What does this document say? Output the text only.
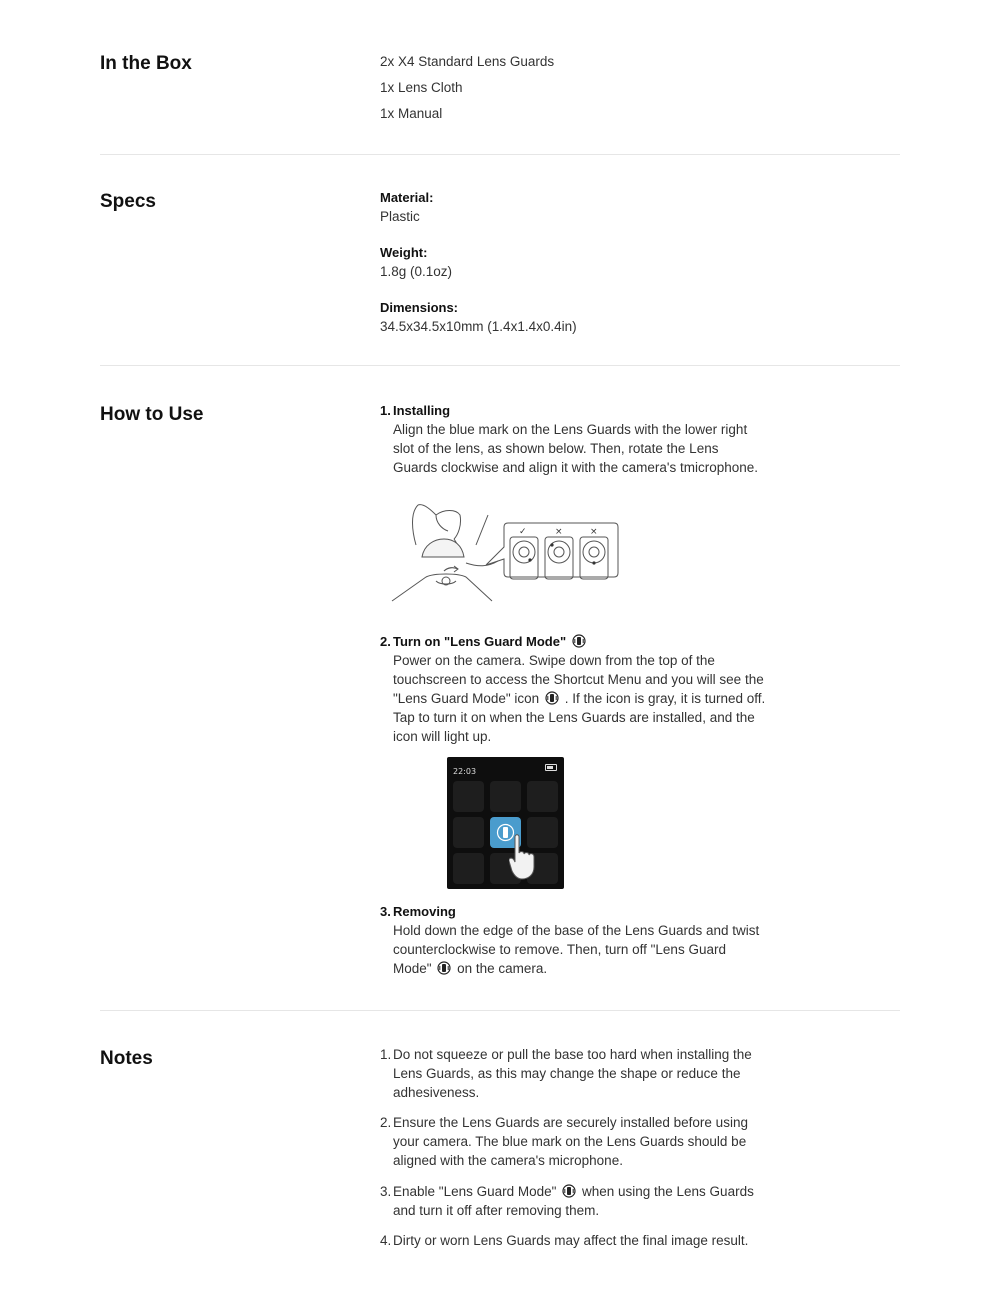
In the Box	2x X4 Standard Lens Guards
1x Lens Cloth
1x Manual
Specs	Material:
Plastic
Weight:
1.8g (0.1oz)
Dimensions:
34.5x34.5x10mm (1.4x1.4x0.4in)
How to Use	1. Installing
Align the blue mark on the Lens Guards with the lower right
slot of the lens, as shown below. Then, rotate the Lens
Guards clockwise and align it with the camera's tmicrophone.
✓	×	×
2. Turn on "Lens Guard Mode"
Power on the camera. Swipe down from the top of the
touchscreen to access the Shortcut Menu and you will see the
"Lens Guard Mode" icon . If the icon is gray, it is turned off.
Tap to turn it on when the Lens Guards are installed, and the
icon will light up.
22:03
3. Removing
Hold down the edge of the base of the Lens Guards and twist
counterclockwise to remove. Then, turn off "Lens Guard
Mode" on the camera.
Notes	1. Do not squeeze or pull the base too hard when installing the
Lens Guards, as this may change the shape or reduce the
adhesiveness.
2. Ensure the Lens Guards are securely installed before using
your camera. The blue mark on the Lens Guards should be
aligned with the camera's microphone.
3. Enable "Lens Guard Mode" when using the Lens Guards
and turn it off after removing them.
4. Dirty or worn Lens Guards may affect the final image result.
